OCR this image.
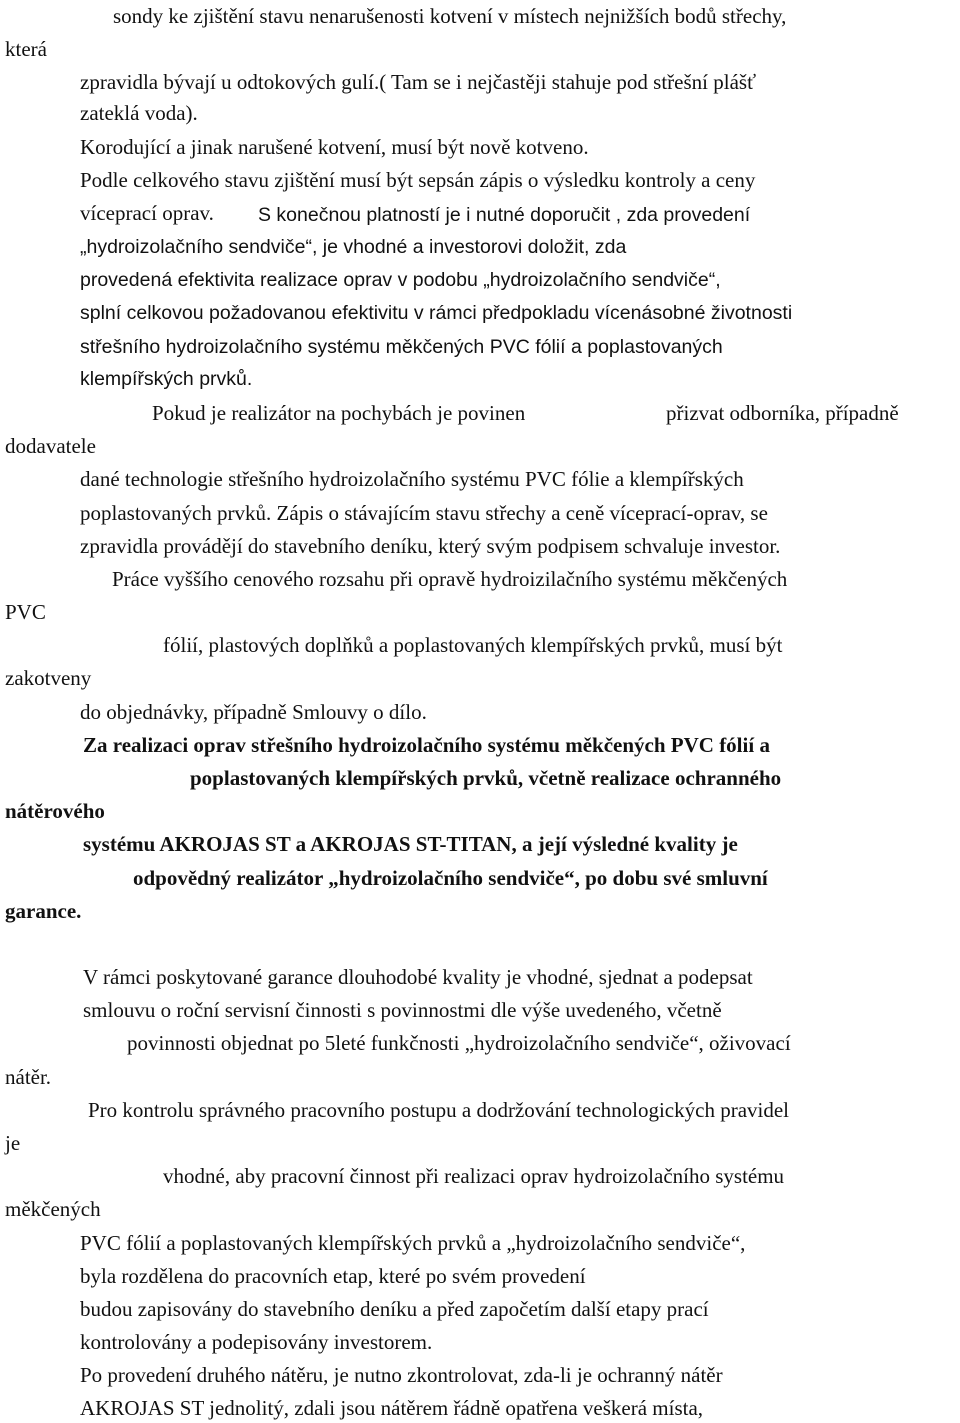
sondy ke zjištění stavu nenarušenosti kotvení v místech nejnižších bodů střechy,
která
zpravidla bývají u odtokových gulí.( Tam se i nejčastěji stahuje pod střešní plášť
zateklá voda).
Korodující a jinak narušené kotvení, musí být nově kotveno.
Podle celkového stavu zjištění musí být sepsán zápis o výsledku kontroly a ceny
víceprací oprav. S konečnou platností je i nutné doporučit , zda provedení
„hydroizolačního sendviče“, je vhodné a investorovi doložit, zda
provedená efektivita realizace oprav v podobu „hydroizolačního sendviče“,
splní celkovou požadovanou efektivitu v rámci předpokladu vícenásobné životnosti
střešního hydroizolačního systému měkčených PVC fólií a poplastovaných
klempířských prvků.
Pokud je realizátor na pochybách je povinen	přizvat odborníka, případně
dodavatele
dané technologie střešního hydroizolačního systému PVC fólie a klempířských
poplastovaných prvků. Zápis o stávajícím stavu střechy a ceně víceprací-oprav, se
zpravidla provádějí do stavebního deníku, který svým podpisem schvaluje investor.
Práce vyššího cenového rozsahu při opravě hydroizilačního systému měkčených
PVC
fólií, plastových doplňků a poplastovaných klempířských prvků, musí být
zakotveny
do objednávky, případně Smlouvy o dílo.
Za realizaci oprav střešního hydroizolačního systému měkčených PVC fólií a
poplastovaných klempířských prvků, včetně realizace ochranného
nátěrového
systému AKROJAS ST a AKROJAS ST-TITAN, a její výsledné kvality je
odpovědný realizátor „hydroizolačního sendviče“, po dobu své smluvní
garance.
V rámci poskytované garance dlouhodobé kvality je vhodné, sjednat a podepsat
smlouvu o roční servisní činnosti s povinnostmi dle výše uvedeného, včetně
povinnosti objednat po 5leté funkčnosti „hydroizolačního sendviče“, oživovací
nátěr.
Pro kontrolu správného pracovního postupu a dodržování technologických pravidel
je
vhodné, aby pracovní činnost při realizaci oprav hydroizolačního systému
měkčených
PVC fólií a poplastovaných klempířských prvků a „hydroizolačního sendviče“,
byla rozdělena do pracovních etap, které po svém provedení
budou zapisovány do stavebního deníku a před započetím další etapy prací
kontrolovány a podepisovány investorem.
Po provedení druhého nátěru, je nutno zkontrolovat, zda-li je ochranný nátěr
AKROJAS ST jednolitý, zdali jsou nátěrem řádně opatřena veškerá místa,
